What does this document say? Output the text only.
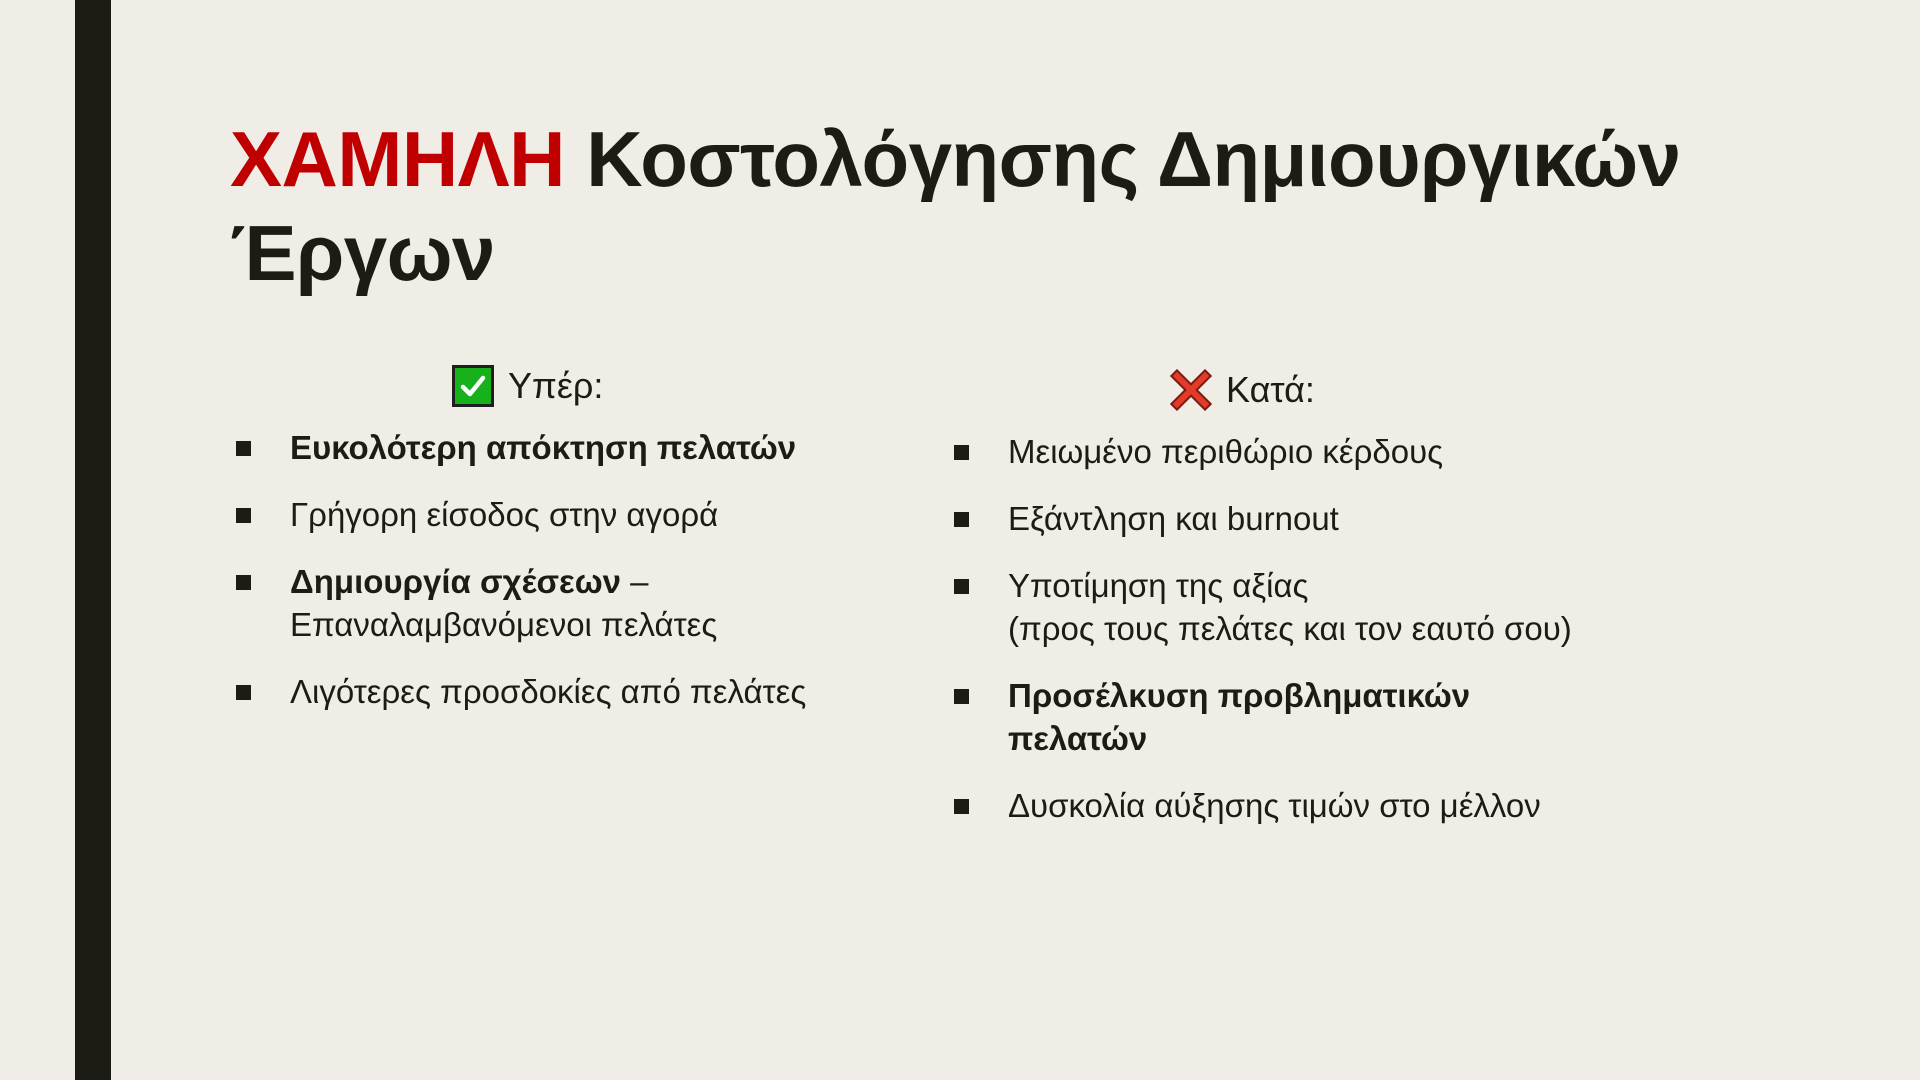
ΧΑΜΗΛΗ Κοστολόγησης Δημιουργικών Έργων
Υπέρ:
Ευκολότερη απόκτηση πελατών
Γρήγορη είσοδος στην αγορά
Δημιουργία σχέσεων – Επαναλαμβανόμενοι πελάτες
Λιγότερες προσδοκίες από πελάτες
Κατά:
Μειωμένο περιθώριο κέρδους
Εξάντληση και burnout
Υποτίμηση της αξίας
(προς τους πελάτες και τον εαυτό σου)
Προσέλκυση προβληματικών πελατών
Δυσκολία αύξησης τιμών στο μέλλον
